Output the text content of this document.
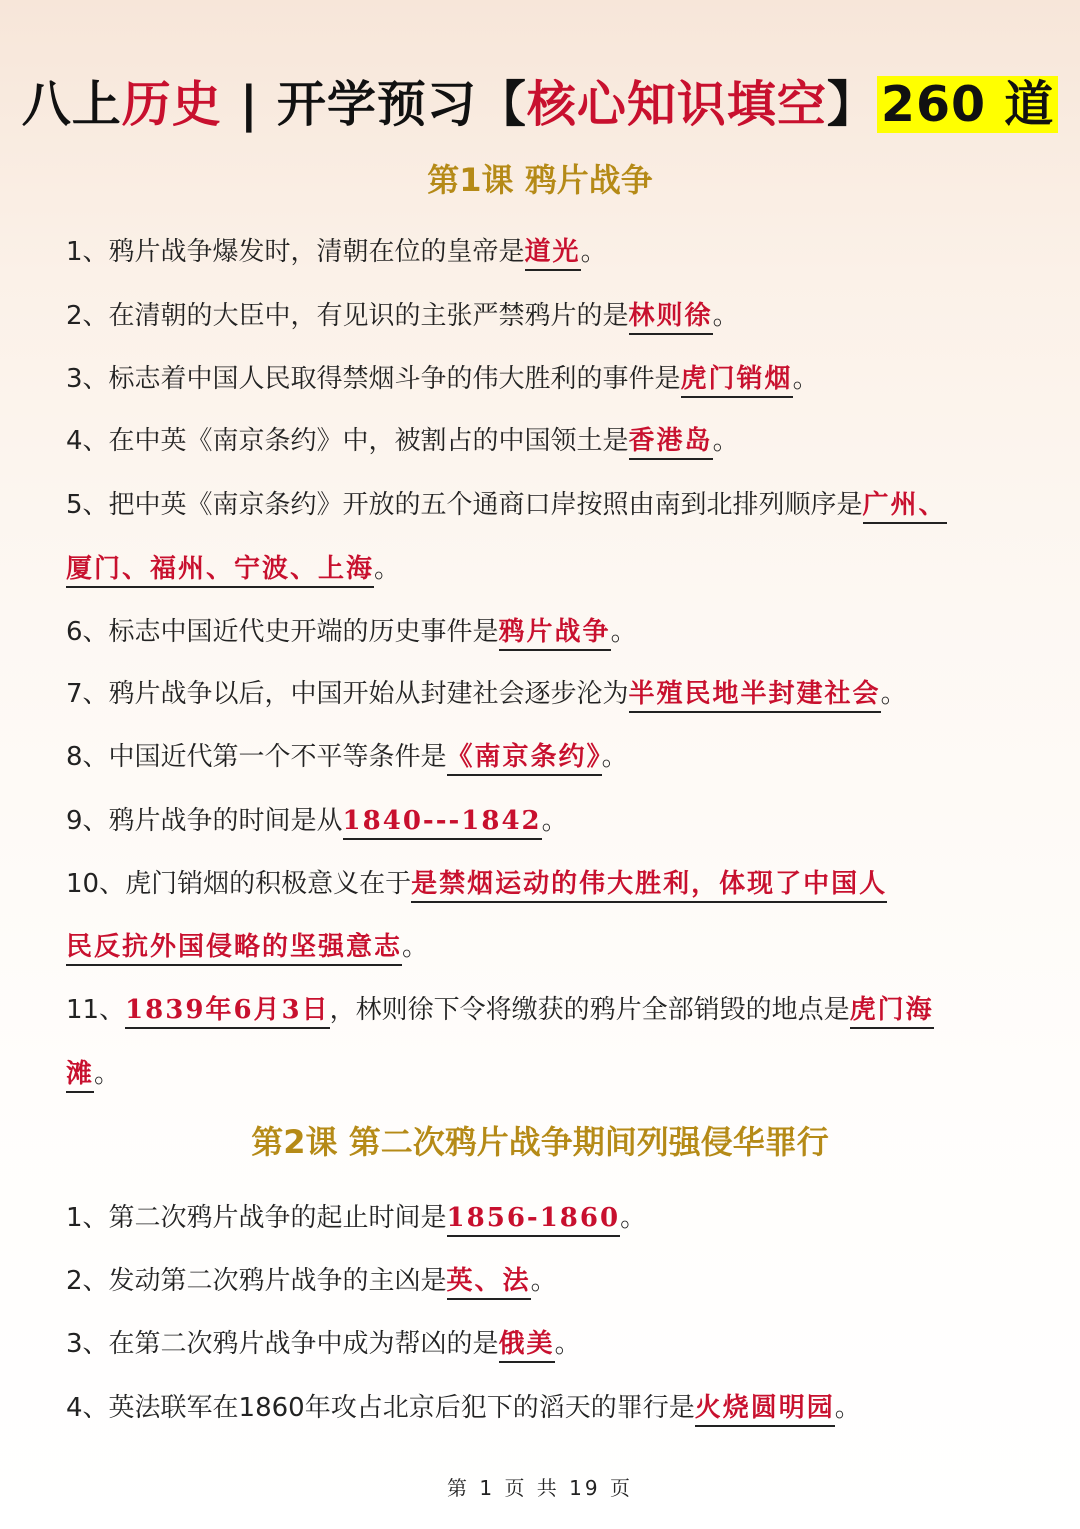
八上历史 | 开学预习【核心知识填空】260 道
第1课 鸦片战争
1、鸦片战争爆发时，清朝在位的皇帝是道光。
2、在清朝的大臣中，有见识的主张严禁鸦片的是林则徐。
3、标志着中国人民取得禁烟斗争的伟大胜利的事件是虎门销烟。
4、在中英《南京条约》中，被割占的中国领土是香港岛。
5、把中英《南京条约》开放的五个通商口岸按照由南到北排列顺序是广州、
厦门、福州、宁波、上海。
6、标志中国近代史开端的历史事件是鸦片战争。
7、鸦片战争以后，中国开始从封建社会逐步沦为半殖民地半封建社会。
8、中国近代第一个不平等条件是《南京条约》。
9、鸦片战争的时间是从1840---1842。
10、虎门销烟的积极意义在于是禁烟运动的伟大胜利，体现了中国人
民反抗外国侵略的坚强意志。
11、1839年6月3日，林则徐下令将缴获的鸦片全部销毁的地点是虎门海
滩。
第2课 第二次鸦片战争期间列强侵华罪行
1、第二次鸦片战争的起止时间是1856-1860。
2、发动第二次鸦片战争的主凶是英、法。
3、在第二次鸦片战争中成为帮凶的是俄美。
4、英法联军在1860年攻占北京后犯下的滔天的罪行是火烧圆明园。
第 1 页 共 19 页
